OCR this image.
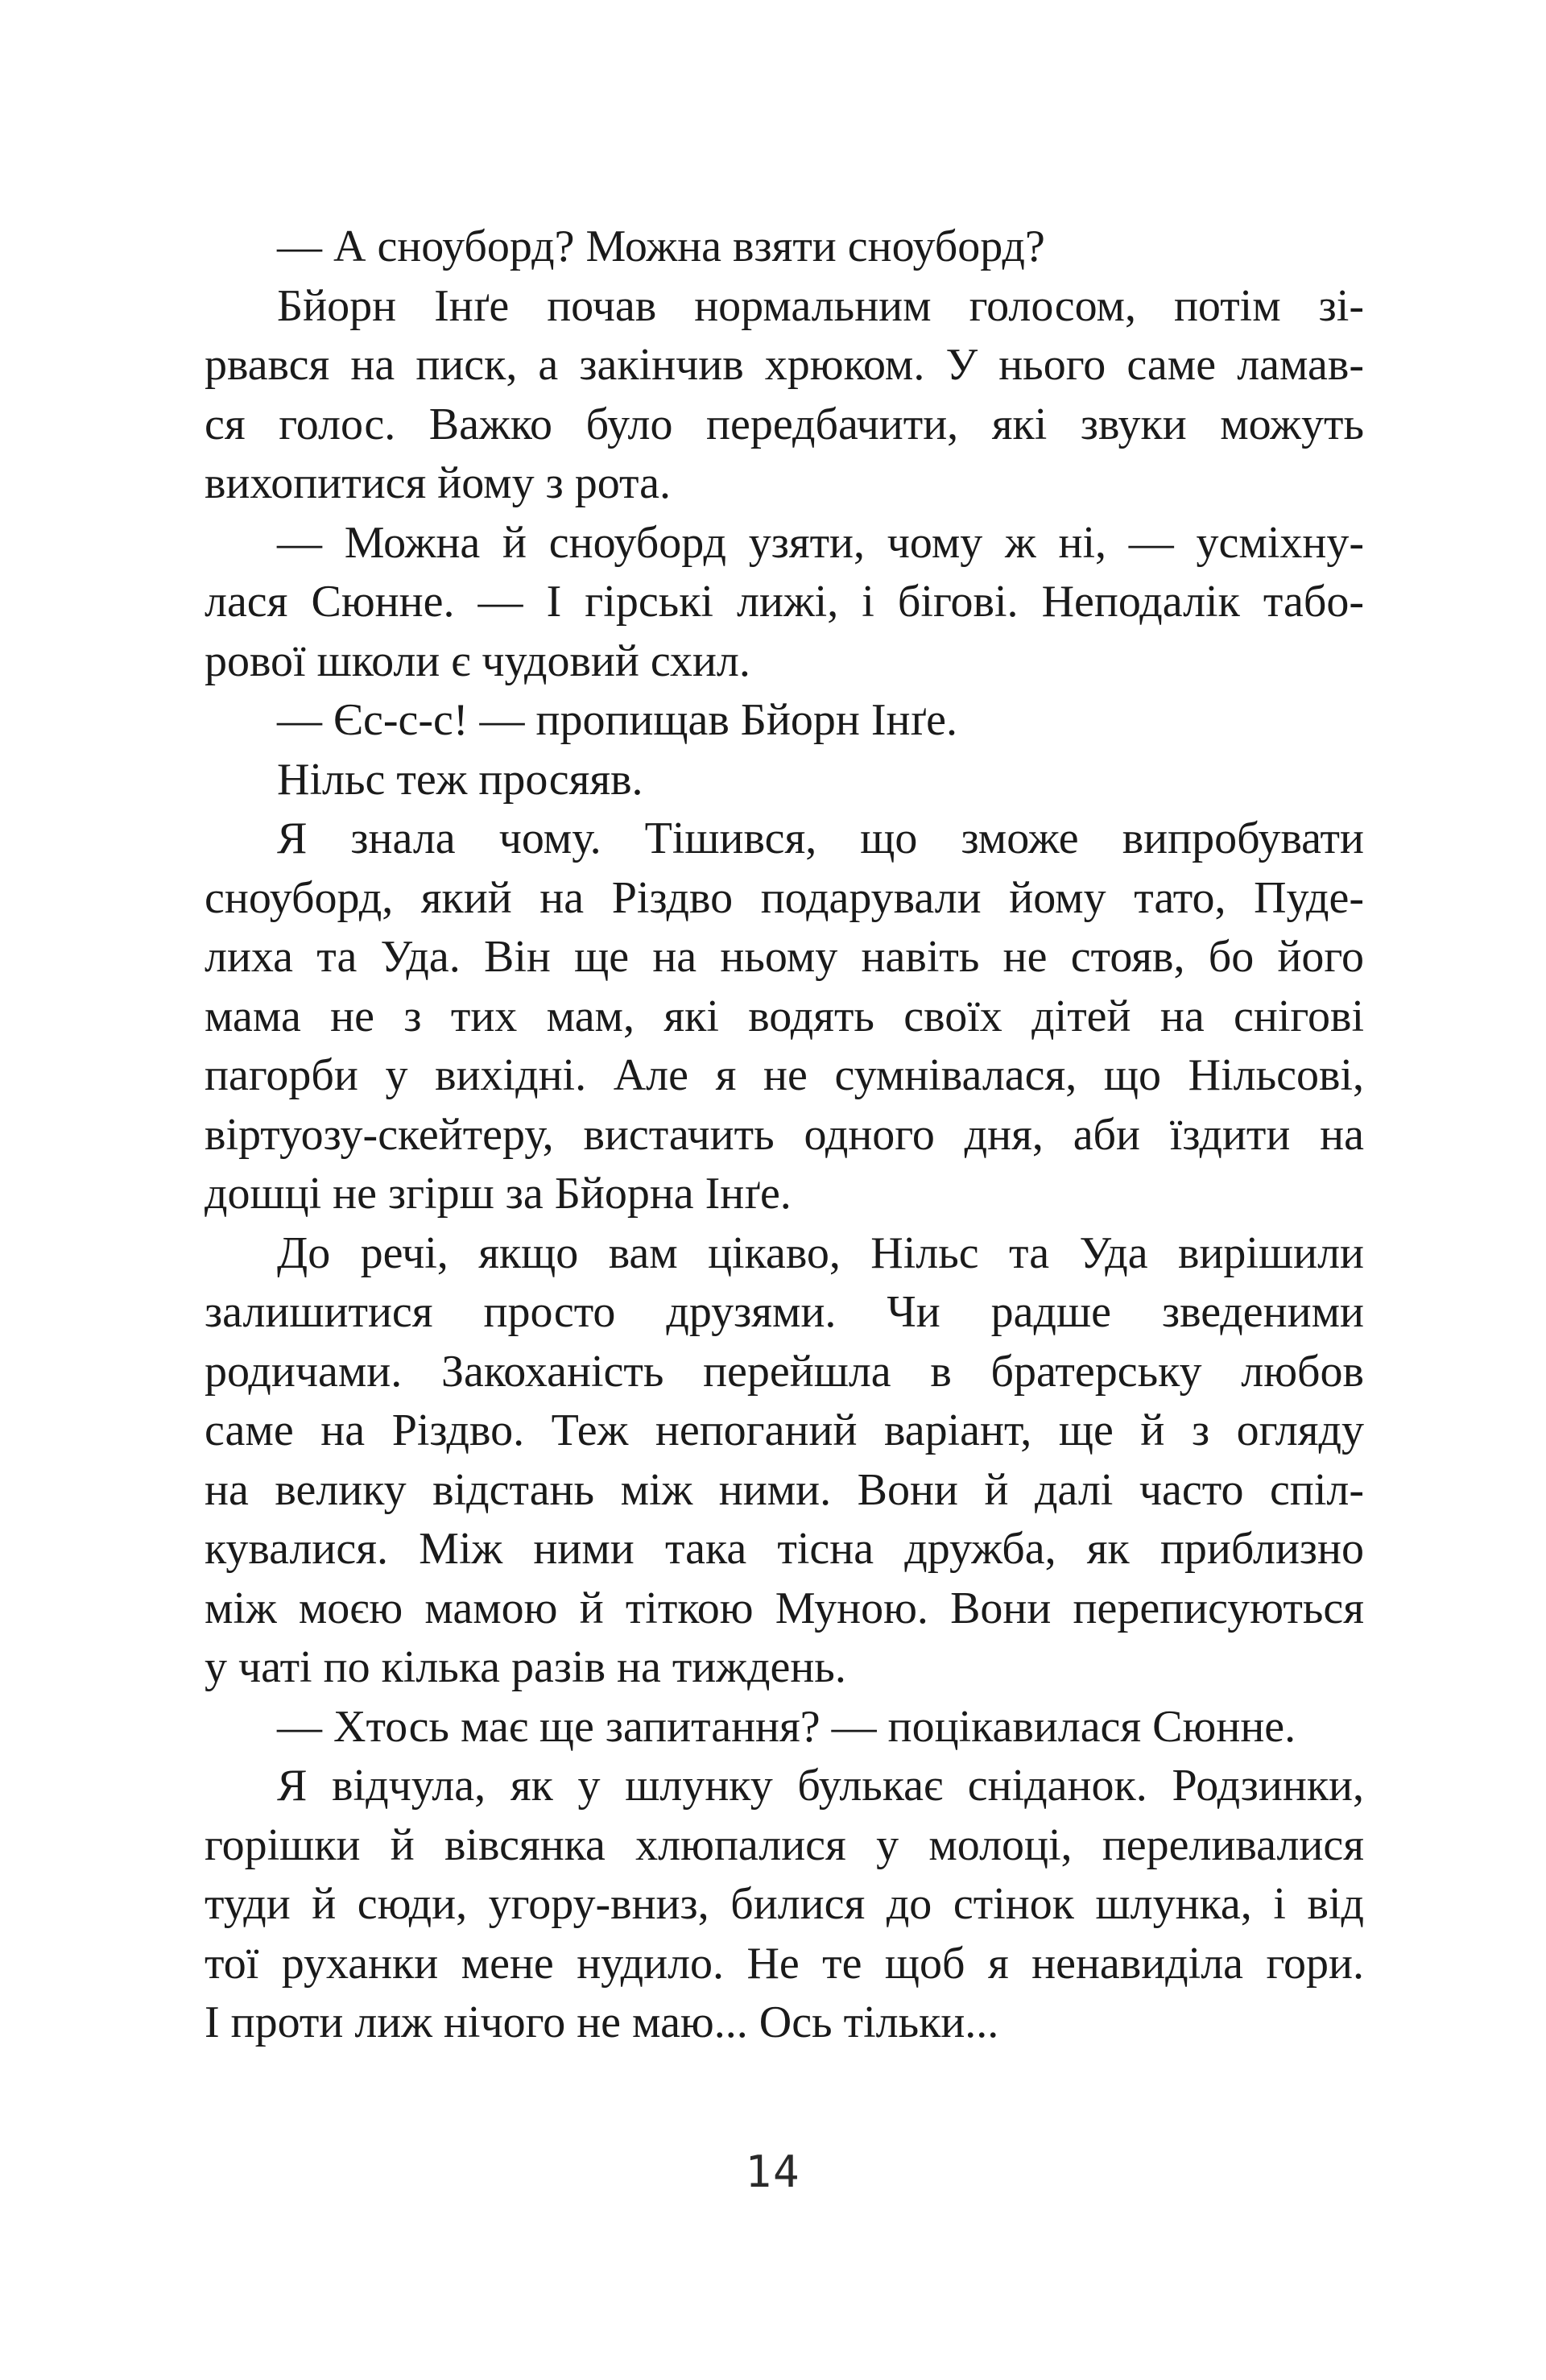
— А сноуборд? Можна взяти сноуборд?
Бйорн Інґе почав нормальним голосом, потім зі-
рвався на писк, а закінчив хрюком. У нього саме ламав-
ся голос. Важко було передбачити, які звуки можуть
вихопитися йому з рота.
— Можна й сноуборд узяти, чому ж ні, — усміхну-
лася Сюнне. — І гірські лижі, і бігові. Неподалік табо-
рової школи є чудовий схил.
— Єс-с-с! — пропищав Бйорн Інґе.
Нільс теж просяяв.
Я знала чому. Тішився, що зможе випробувати
сноуборд, який на Різдво подарували йому тато, Пуде-
лиха та Уда. Він ще на ньому навіть не стояв, бо його
мама не з тих мам, які водять своїх дітей на снігові
пагорби у вихідні. Але я не сумнівалася, що Нільсові,
віртуозу-скейтеру, вистачить одного дня, аби їздити на
дошці не згірш за Бйорна Інґе.
До речі, якщо вам цікаво, Нільс та Уда вирішили
залишитися просто друзями. Чи радше зведеними
родичами. Закоханість перейшла в братерську любов
саме на Різдво. Теж непоганий варіант, ще й з огляду
на велику відстань між ними. Вони й далі часто спіл-
кувалися. Між ними така тісна дружба, як приблизно
між моєю мамою й тіткою Муною. Вони переписуються
у чаті по кілька разів на тиждень.
— Хтось має ще запитання? — поцікавилася Сюнне.
Я відчула, як у шлунку булькає сніданок. Родзинки,
горішки й вівсянка хлюпалися у молоці, переливалися
туди й сюди, угору-вниз, билися до стінок шлунка, і від
тої руханки мене нудило. Не те щоб я ненавиділа гори.
І проти лиж нічого не маю... Ось тільки...
14
